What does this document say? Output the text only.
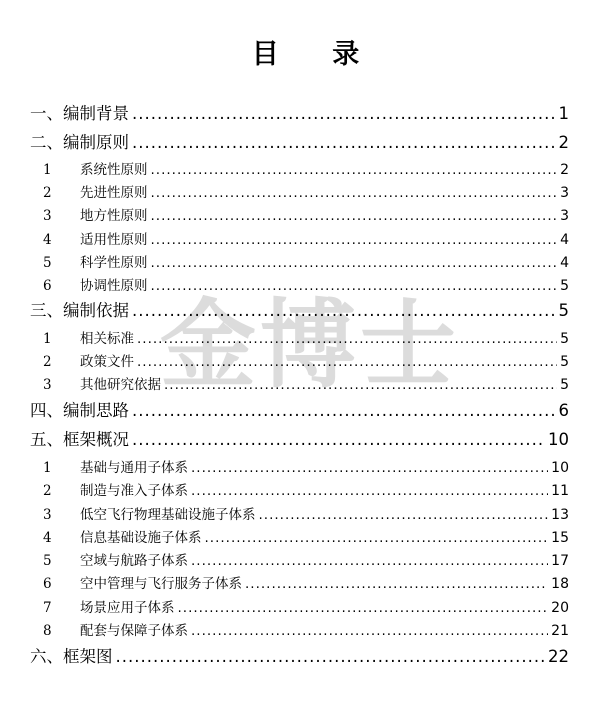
目 录
金博士
一、 编制背景 .....	1
二、 编制原则 .....	2
1	系统性原则 .....	2
2	先进性原则 .....	3
3	地方性原则 .....	3
4	适用性原则 .....	4
5	科学性原则 .....	4
6	协调性原则 .....	5
三、 编制依据 .....	5
1	相关标准 .....	5
2	政策文件 .....	5
3	其他研究依据 .....	5
四、 编制思路 .....	6
五、 框架概况 .....	10
1	基础与通用子体系 .....	10
2	制造与准入子体系 .....	11
3	低空飞行物理基础设施子体系 .....	13
4	信息基础设施子体系 .....	15
5	空域与航路子体系 .....	17
6	空中管理与飞行服务子体系 .....	18
7	场景应用子体系 .....	20
8	配套与保障子体系 .....	21
六、 框架图 .....	22
